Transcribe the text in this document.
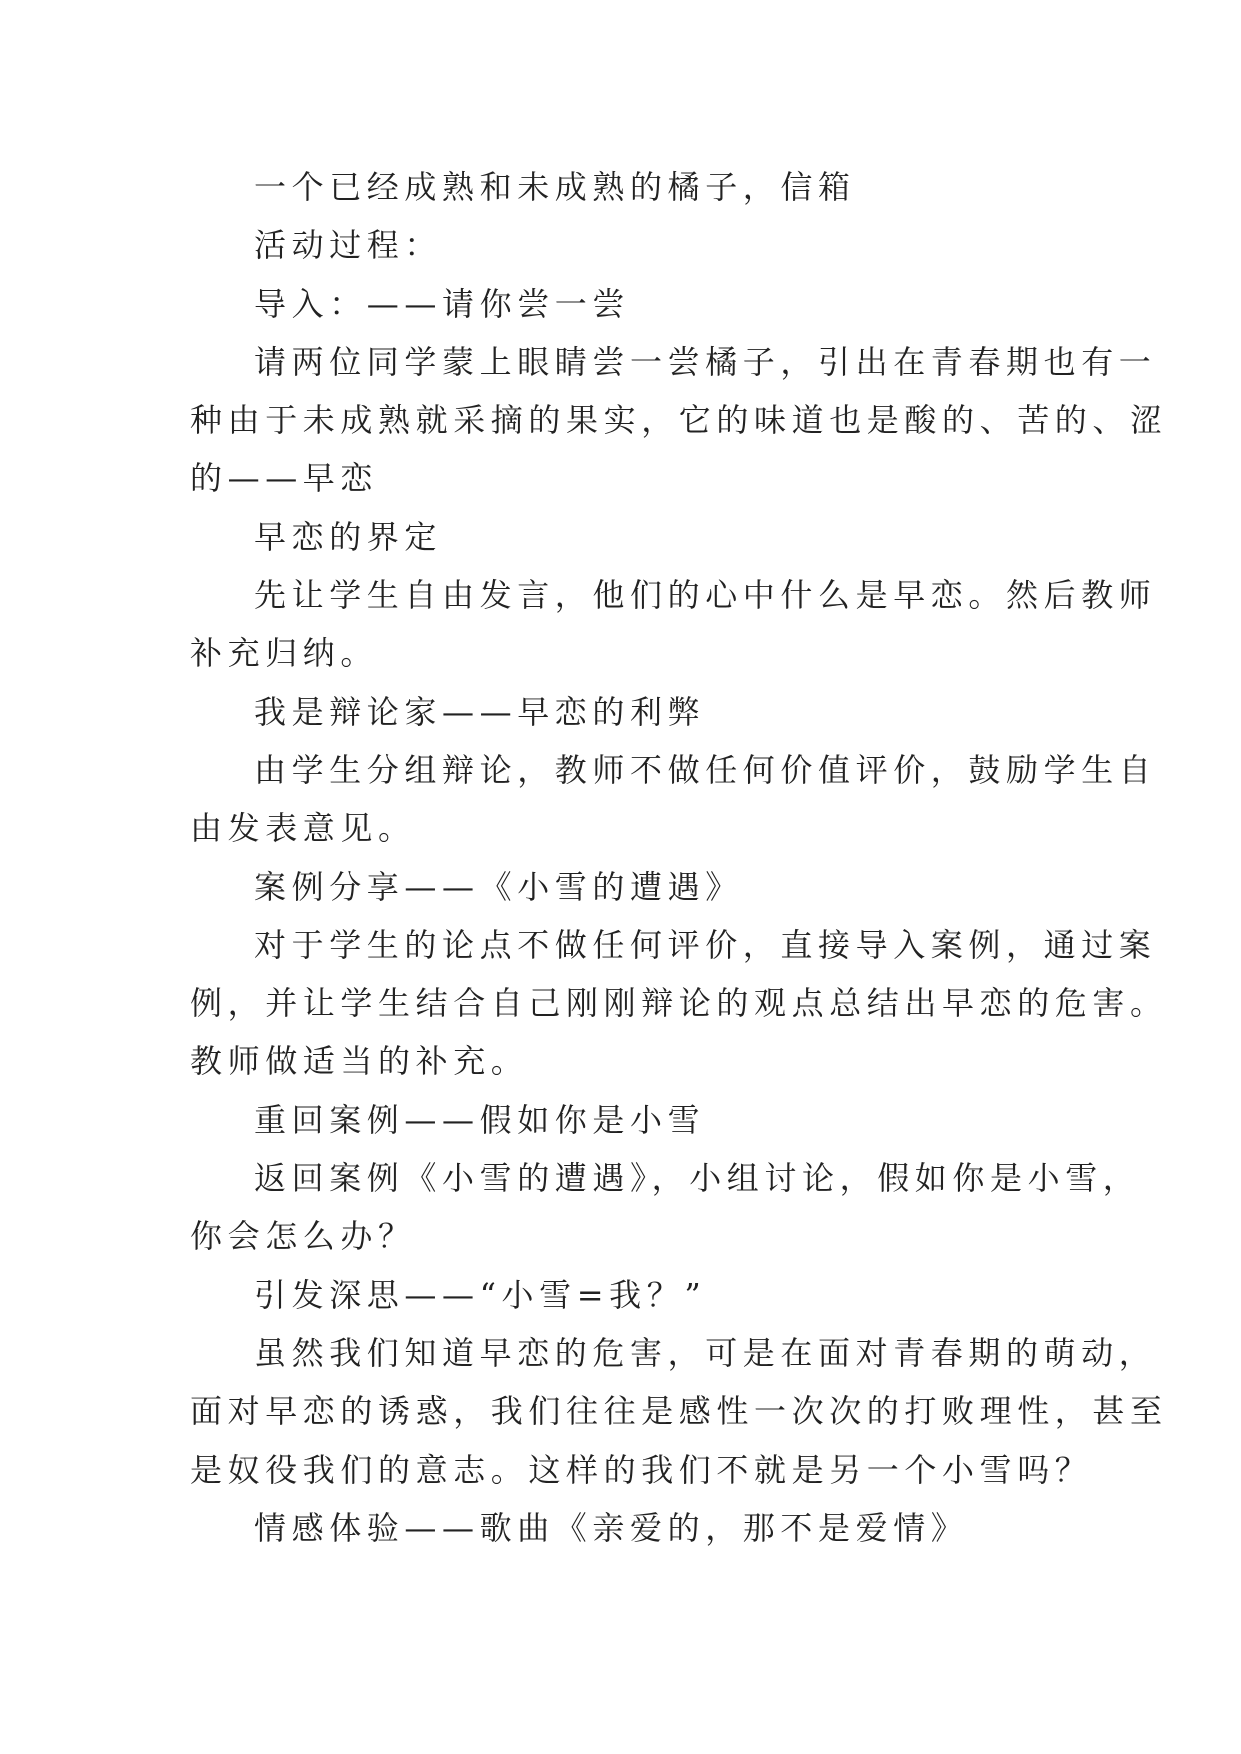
一个已经成熟和未成熟的橘子，信箱
活动过程：
导入：——请你尝一尝
请两位同学蒙上眼睛尝一尝橘子，引出在青春期也有一
种由于未成熟就采摘的果实，它的味道也是酸的、苦的、涩
的——早恋
早恋的界定
先让学生自由发言，他们的心中什么是早恋。然后教师
补充归纳。
我是辩论家——早恋的利弊
由学生分组辩论，教师不做任何价值评价，鼓励学生自
由发表意见。
案例分享——《小雪的遭遇》
对于学生的论点不做任何评价，直接导入案例，通过案
例，并让学生结合自己刚刚辩论的观点总结出早恋的危害。
教师做适当的补充。
重回案例——假如你是小雪
返回案例《小雪的遭遇》，小组讨论，假如你是小雪，
你会怎么办？
引发深思——“小雪=我？”
虽然我们知道早恋的危害，可是在面对青春期的萌动，
面对早恋的诱惑，我们往往是感性一次次的打败理性，甚至
是奴役我们的意志。这样的我们不就是另一个小雪吗？
情感体验——歌曲《亲爱的，那不是爱情》
